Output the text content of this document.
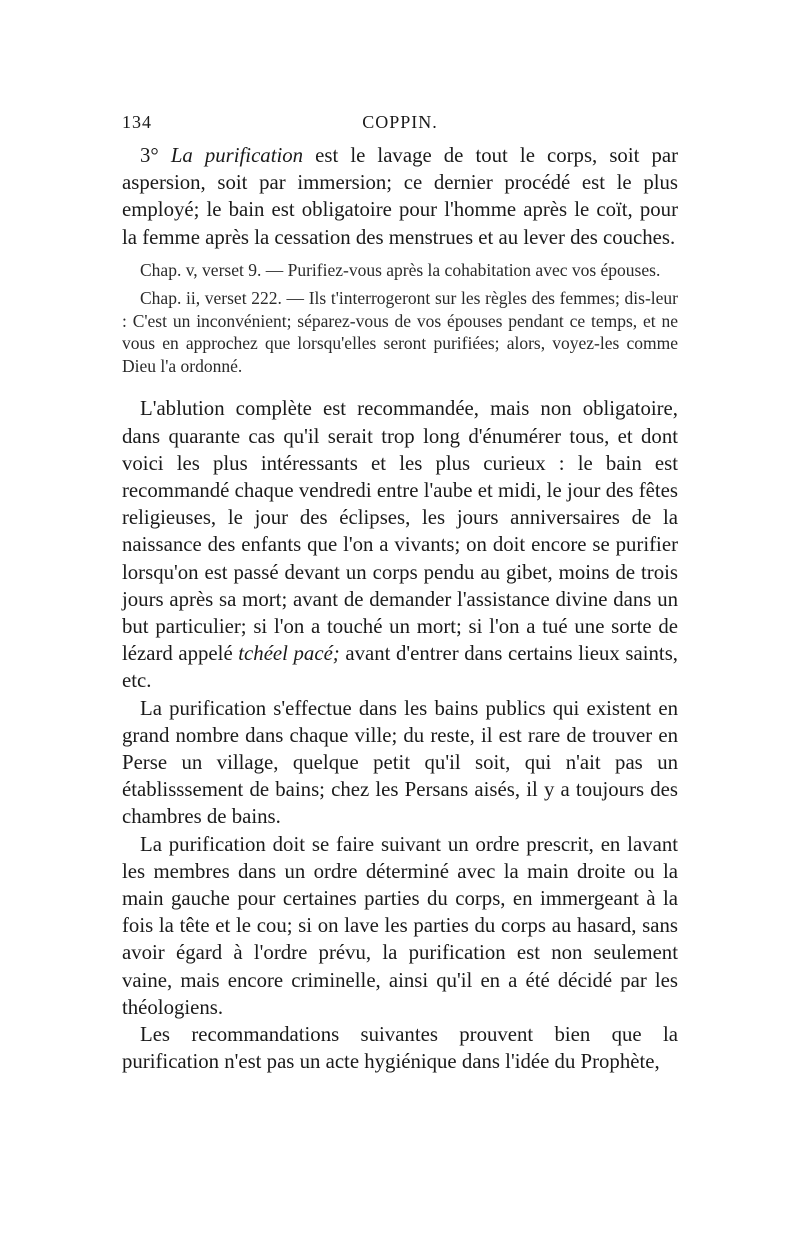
134	COPPIN.

3° La purification est le lavage de tout le corps, soit par aspersion, soit par immersion; ce dernier procédé est le plus employé; le bain est obligatoire pour l'homme après le coït, pour la femme après la cessation des menstrues et au lever des couches.

Chap. v, verset 9. — Purifiez-vous après la cohabitation avec vos épouses.

Chap. ii, verset 222. — Ils t'interrogeront sur les règles des femmes; dis-leur : C'est un inconvénient; séparez-vous de vos épouses pendant ce temps, et ne vous en approchez que lorsqu'elles seront purifiées; alors, voyez-les comme Dieu l'a ordonné.

L'ablution complète est recommandée, mais non obligatoire, dans quarante cas qu'il serait trop long d'énumérer tous, et dont voici les plus intéressants et les plus curieux : le bain est recommandé chaque vendredi entre l'aube et midi, le jour des fêtes religieuses, le jour des éclipses, les jours anniversaires de la naissance des enfants que l'on a vivants; on doit encore se purifier lorsqu'on est passé devant un corps pendu au gibet, moins de trois jours après sa mort; avant de demander l'assistance divine dans un but particulier; si l'on a touché un mort; si l'on a tué une sorte de lézard appelé tchéel pacé; avant d'entrer dans certains lieux saints, etc.

La purification s'effectue dans les bains publics qui existent en grand nombre dans chaque ville; du reste, il est rare de trouver en Perse un village, quelque petit qu'il soit, qui n'ait pas un établisssement de bains; chez les Persans aisés, il y a toujours des chambres de bains.

La purification doit se faire suivant un ordre prescrit, en lavant les membres dans un ordre déterminé avec la main droite ou la main gauche pour certaines parties du corps, en immergeant à la fois la tête et le cou; si on lave les parties du corps au hasard, sans avoir égard à l'ordre prévu, la purification est non seulement vaine, mais encore criminelle, ainsi qu'il en a été décidé par les théologiens.

Les recommandations suivantes prouvent bien que la purification n'est pas un acte hygiénique dans l'idée du Prophète,
